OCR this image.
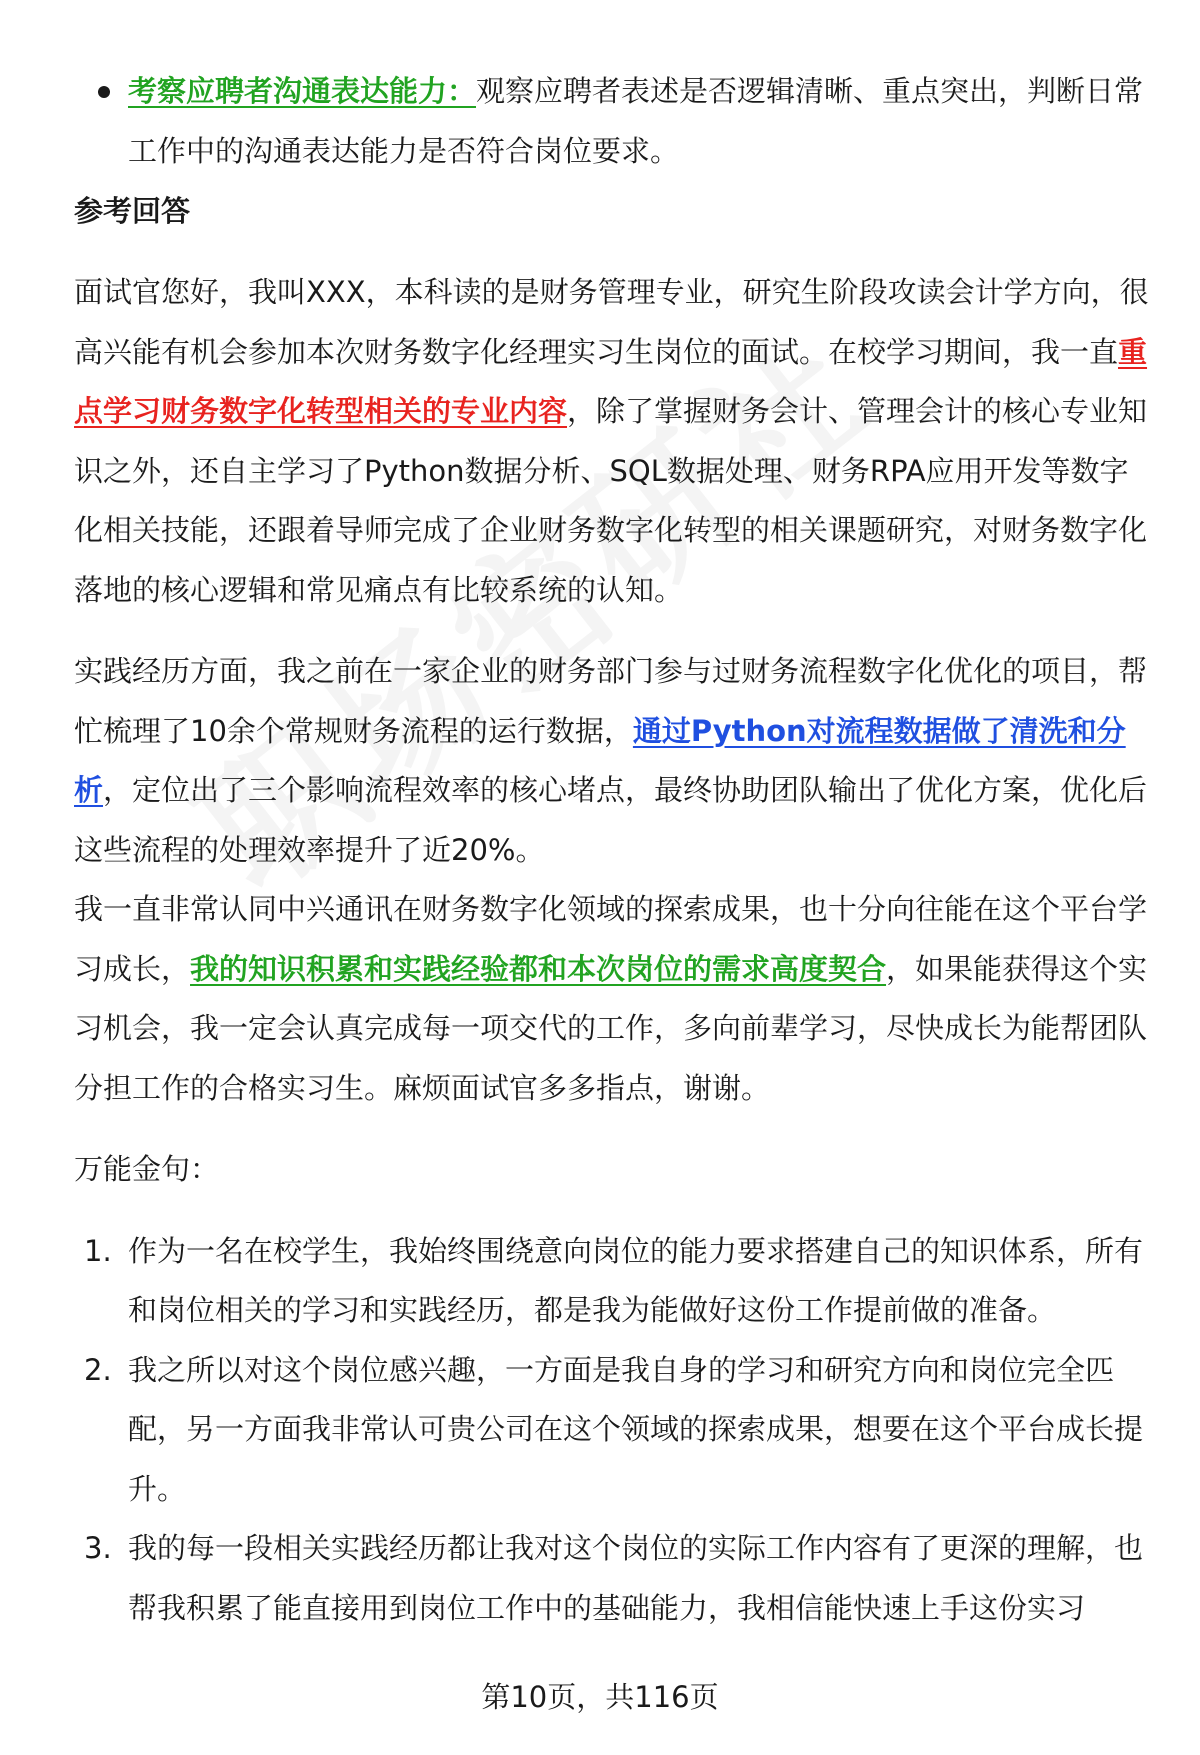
考察应聘者沟通表达能力：观察应聘者表述是否逻辑清晰、重点突出，判断日常工作中的沟通表达能力是否符合岗位要求。

参考回答

面试官您好，我叫XXX，本科读的是财务管理专业，研究生阶段攻读会计学方向，很高兴能有机会参加本次财务数字化经理实习生岗位的面试。在校学习期间，我一直重点学习财务数字化转型相关的专业内容，除了掌握财务会计、管理会计的核心专业知识之外，还自主学习了Python数据分析、SQL数据处理、财务RPA应用开发等数字化相关技能，还跟着导师完成了企业财务数字化转型的相关课题研究，对财务数字化落地的核心逻辑和常见痛点有比较系统的认知。

实践经历方面，我之前在一家企业的财务部门参与过财务流程数字化优化的项目，帮忙梳理了10余个常规财务流程的运行数据，通过Python对流程数据做了清洗和分析，定位出了三个影响流程效率的核心堵点，最终协助团队输出了优化方案，优化后这些流程的处理效率提升了近20%。

我一直非常认同中兴通讯在财务数字化领域的探索成果，也十分向往能在这个平台学习成长，我的知识积累和实践经验都和本次岗位的需求高度契合，如果能获得这个实习机会，我一定会认真完成每一项交代的工作，多向前辈学习，尽快成长为能帮团队分担工作的合格实习生。麻烦面试官多多指点，谢谢。

万能金句：

1. 作为一名在校学生，我始终围绕意向岗位的能力要求搭建自己的知识体系，所有和岗位相关的学习和实践经历，都是我为能做好这份工作提前做的准备。

2. 我之所以对这个岗位感兴趣，一方面是我自身的学习和研究方向和岗位完全匹配，另一方面我非常认可贵公司在这个领域的探索成果，想要在这个平台成长提升。

3. 我的每一段相关实践经历都让我对这个岗位的实际工作内容有了更深的理解，也帮我积累了能直接用到岗位工作中的基础能力，我相信能快速上手这份实习

第10页，共116页
